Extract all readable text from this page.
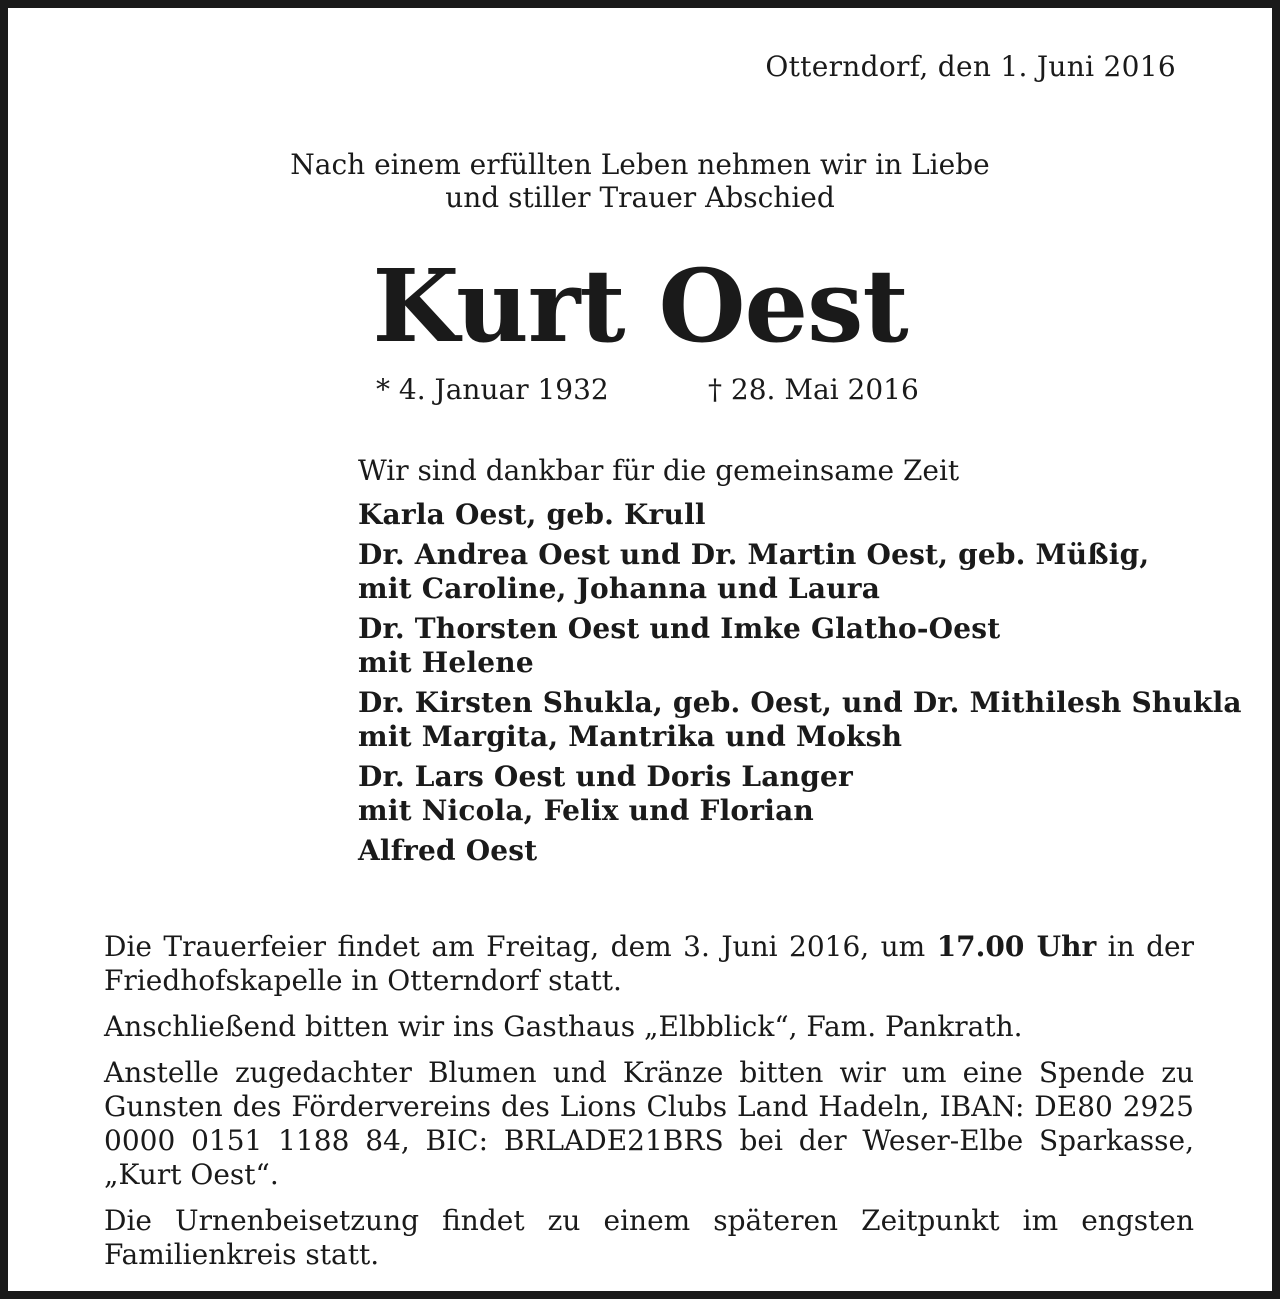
Otterndorf, den 1. Juni 2016
Nach einem erfüllten Leben nehmen wir in Liebe
und stiller Trauer Abschied
Kurt Oest
* 4. Januar 1932	† 28. Mai 2016
Wir sind dankbar für die gemeinsame Zeit
Karla Oest, geb. Krull
Dr. Andrea Oest und Dr. Martin Oest, geb. Müßig,
mit Caroline, Johanna und Laura
Dr. Thorsten Oest und Imke Glatho-Oest
mit Helene
Dr. Kirsten Shukla, geb. Oest, und Dr. Mithilesh Shukla
mit Margita, Mantrika und Moksh
Dr. Lars Oest und Doris Langer
mit Nicola, Felix und Florian
Alfred Oest
Die Trauerfeier findet am Freitag, dem 3. Juni 2016, um 17.00 Uhr in der Friedhofskapelle in Otterndorf statt.
Anschließend bitten wir ins Gasthaus „Elbblick“, Fam. Pankrath.
Anstelle zugedachter Blumen und Kränze bitten wir um eine Spende zu Gunsten des Fördervereins des Lions Clubs Land Hadeln, IBAN: DE80 2925 0000 0151 1188 84, BIC: BRLADE21BRS bei der Weser-Elbe Sparkasse, „Kurt Oest“.
Die Urnenbeisetzung findet zu einem späteren Zeitpunkt im engsten Familienkreis statt.
